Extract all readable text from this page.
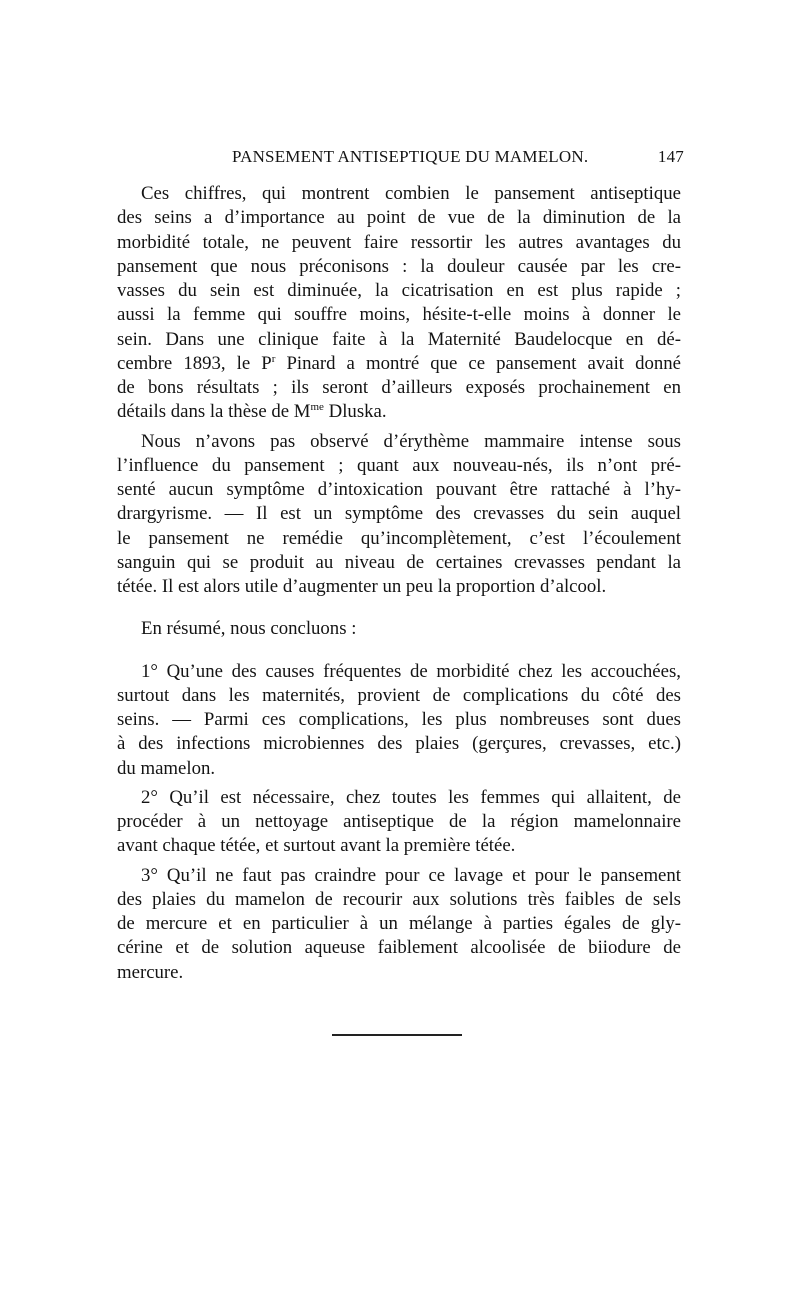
PANSEMENT ANTISEPTIQUE DU MAMELON.	147
Ces chiffres, qui montrent combien le pansement antiseptique
des seins a d’importance au point de vue de la diminution de la
morbidité totale, ne peuvent faire ressortir les autres avantages du
pansement que nous préconisons : la douleur causée par les cre-
vasses du sein est diminuée, la cicatrisation en est plus rapide ;
aussi la femme qui souffre moins, hésite-t-elle moins à donner le
sein. Dans une clinique faite à la Maternité Baudelocque en dé-
cembre 1893, le $P^r$ Pinard a montré que ce pansement avait donné
de bons résultats ; ils seront d’ailleurs exposés prochainement en
détails dans la thèse de $M^{me}$ Dluska.
Nous n’avons pas observé d’érythème mammaire intense sous
l’influence du pansement ; quant aux nouveau-nés, ils n’ont pré-
senté aucun symptôme d’intoxication pouvant être rattaché à l’hy-
drargyrisme. — Il est un symptôme des crevasses du sein auquel
le pansement ne remédie qu’incomplètement, c’est l’écoulement
sanguin qui se produit au niveau de certaines crevasses pendant la
tétée. Il est alors utile d’augmenter un peu la proportion d’alcool.
En résumé, nous concluons :
1° Qu’une des causes fréquentes de morbidité chez les accouchées,
surtout dans les maternités, provient de complications du côté des
seins. — Parmi ces complications, les plus nombreuses sont dues
à des infections microbiennes des plaies (gerçures, crevasses, etc.)
du mamelon.
2° Qu’il est nécessaire, chez toutes les femmes qui allaitent, de
procéder à un nettoyage antiseptique de la région mamelonnaire
avant chaque tétée, et surtout avant la première tétée.
3° Qu’il ne faut pas craindre pour ce lavage et pour le pansement
des plaies du mamelon de recourir aux solutions très faibles de sels
de mercure et en particulier à un mélange à parties égales de gly-
cérine et de solution aqueuse faiblement alcoolisée de biiodure de
mercure.
